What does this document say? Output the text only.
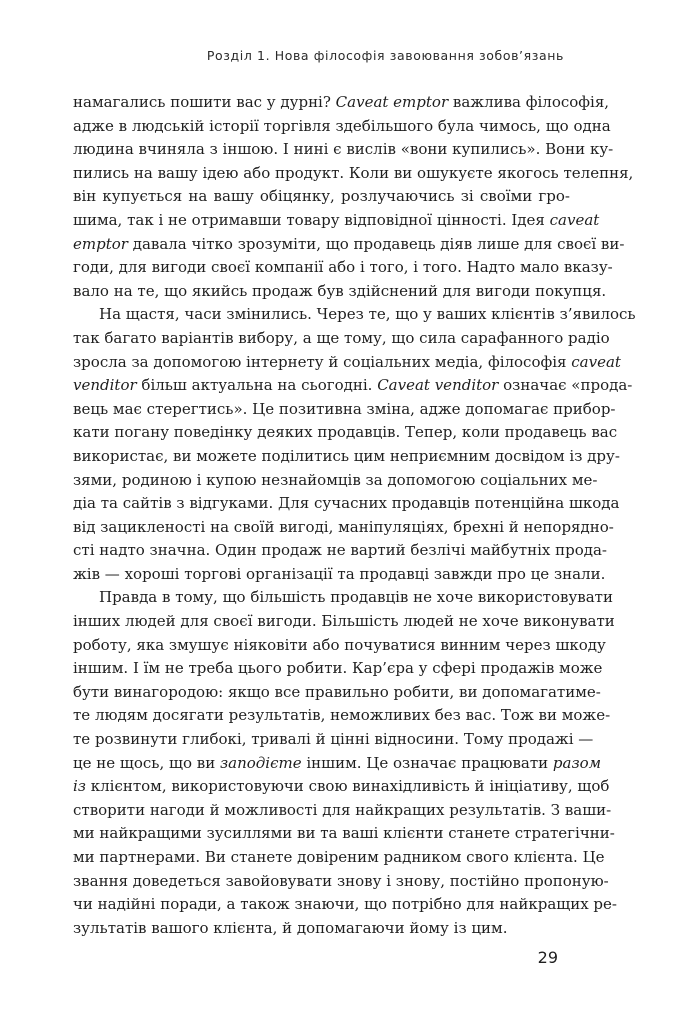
Розділ 1. Нова філософія завоювання зобов’язань
намагались пошити вас у дурні? Caveat emptor важлива філософія,
адже в людській історії торгівля здебільшого була чимось, що одна
людина вчиняла з іншою. І нині є вислів «вони купились». Вони ку-
пились на вашу ідею або продукт. Коли ви ошукуєте якогось телепня,
він купується на вашу обіцянку, розлучаючись зі своїми гро-
шима, так і не отримавши товару відповідної цінності. Ідея caveat
emptor давала чітко зрозуміти, що продавець діяв лише для своєї ви-
годи, для вигоди своєї компанії або і того, і того. Надто мало вказу-
вало на те, що якийсь продаж був здійснений для вигоди покупця.
На щастя, часи змінились. Через те, що у ваших клієнтів з’явилось
так багато варіантів вибору, а ще тому, що сила сарафанного радіо
зросла за допомогою інтернету й соціальних медіа, філософія caveat
venditor більш актуальна на сьогодні. Caveat venditor означає «прода-
вець має стерегтись». Це позитивна зміна, адже допомагає прибор-
кати погану поведінку деяких продавців. Тепер, коли продавець вас
використає, ви можете поділитись цим неприємним досвідом із дру-
зями, родиною і купою незнайомців за допомогою соціальних ме-
діа та сайтів з відгуками. Для сучасних продавців потенційна шкода
від зацикленості на своїй вигоді, маніпуляціях, брехні й непорядно-
сті надто значна. Один продаж не вартий безлічі майбутніх прода-
жів — хороші торгові організації та продавці завжди про це знали.
Правда в тому, що більшість продавців не хоче використовувати
інших людей для своєї вигоди. Більшість людей не хоче виконувати
роботу, яка змушує ніяковіти або почуватися винним через шкоду
іншим. І їм не треба цього робити. Кар’єра у сфері продажів може
бути винагородою: якщо все правильно робити, ви допомагатиме-
те людям досягати результатів, неможливих без вас. Тож ви може-
те розвинути глибокі, тривалі й цінні відносини. Тому продажі —
це не щось, що ви заподієте іншим. Це означає працювати разом
із клієнтом, використовуючи свою винахідливість й ініціативу, щоб
створити нагоди й можливості для найкращих результатів. З ваши-
ми найкращими зусиллями ви та ваші клієнти станете стратегічни-
ми партнерами. Ви станете довіреним радником свого клієнта. Це
звання доведеться завойовувати знову і знову, постійно пропоную-
чи надійні поради, а також знаючи, що потрібно для найкращих ре-
зультатів вашого клієнта, й допомагаючи йому із цим.
29
